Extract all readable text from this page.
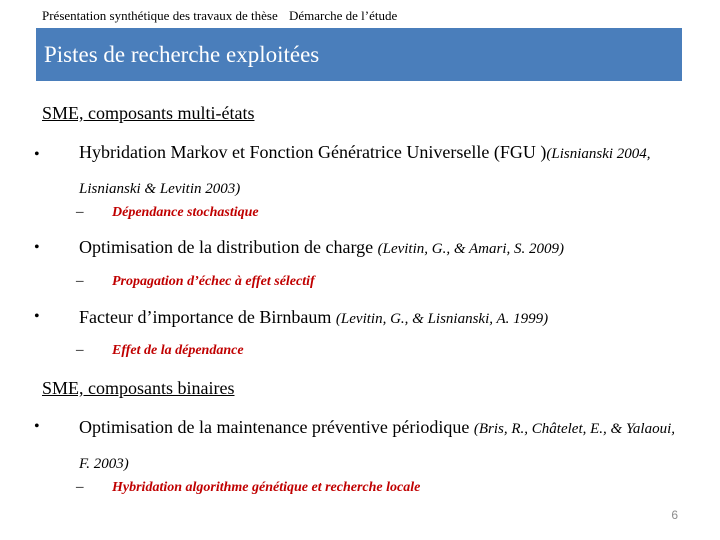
Présentation synthétique des travaux de thèse Démarche de l’étude
Pistes de recherche exploitées
SME, composants multi-états
• Hybridation Markov et Fonction Génératrice Universelle (FGU )(Lisnianski 2004, Lisnianski & Levitin 2003)
– Dépendance stochastique
• Optimisation de la distribution de charge (Levitin, G., & Amari, S. 2009)
– Propagation d’échec à effet sélectif
• Facteur d’importance de Birnbaum (Levitin, G., & Lisnianski, A. 1999)
– Effet de la dépendance
SME, composants binaires
• Optimisation de la maintenance préventive périodique (Bris, R., Châtelet, E., & Yalaoui, F. 2003)
– Hybridation algorithme génétique et recherche locale
6
